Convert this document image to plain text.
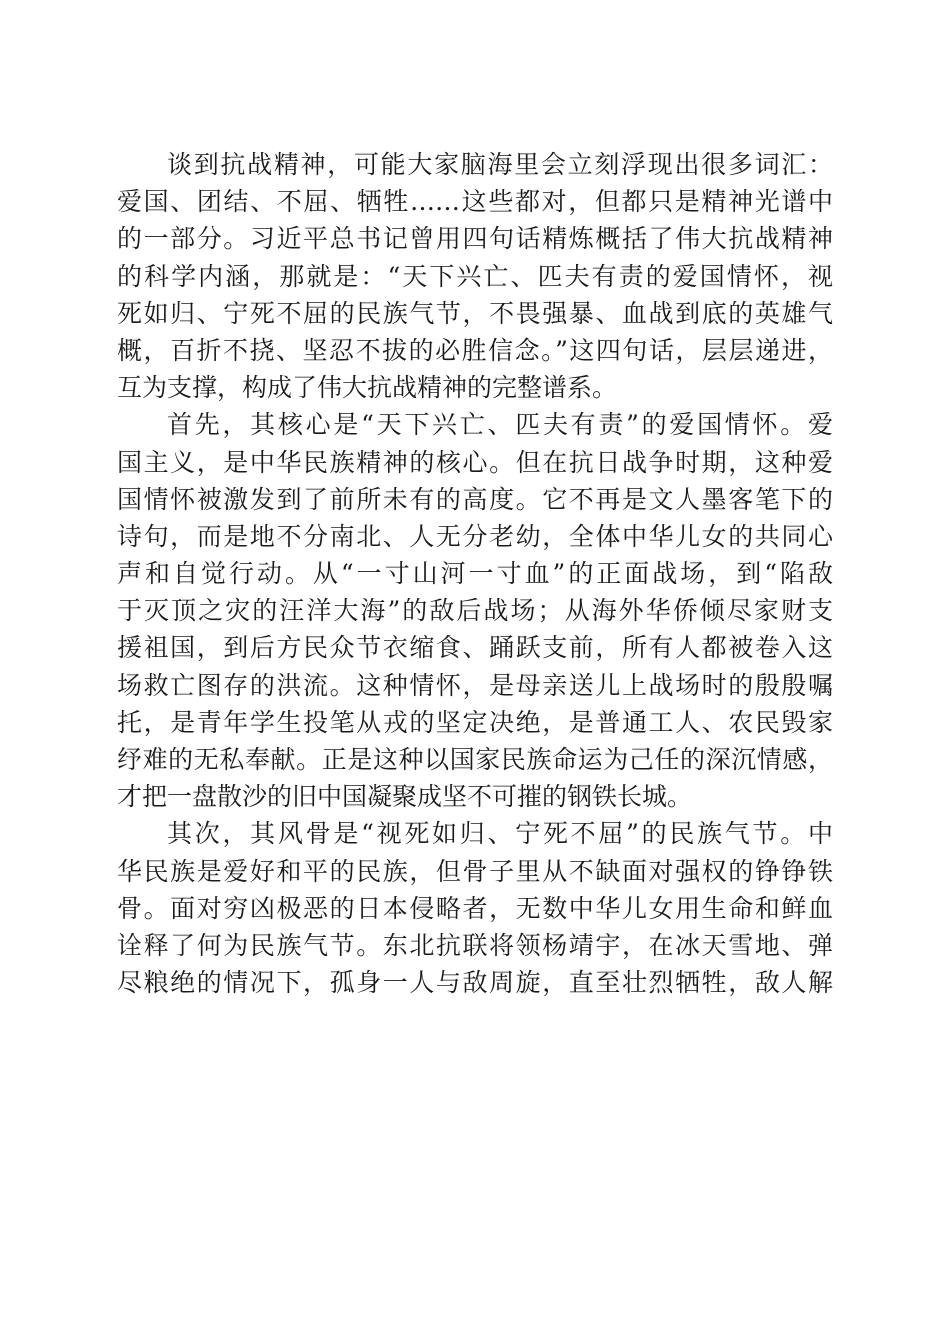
谈到抗战精神，可能大家脑海里会立刻浮现出很多词汇：
爱国、团结、不屈、牺牲……这些都对，但都只是精神光谱中
的一部分。习近平总书记曾用四句话精炼概括了伟大抗战精神
的科学内涵，那就是：“天下兴亡、匹夫有责的爱国情怀，视
死如归、宁死不屈的民族气节，不畏强暴、血战到底的英雄气
概，百折不挠、坚忍不拔的必胜信念。”这四句话，层层递进，
互为支撑，构成了伟大抗战精神的完整谱系。
首先，其核心是“天下兴亡、匹夫有责”的爱国情怀。爱
国主义，是中华民族精神的核心。但在抗日战争时期，这种爱
国情怀被激发到了前所未有的高度。它不再是文人墨客笔下的
诗句，而是地不分南北、人无分老幼，全体中华儿女的共同心
声和自觉行动。从“一寸山河一寸血”的正面战场，到“陷敌
于灭顶之灾的汪洋大海”的敌后战场；从海外华侨倾尽家财支
援祖国，到后方民众节衣缩食、踊跃支前，所有人都被卷入这
场救亡图存的洪流。这种情怀，是母亲送儿上战场时的殷殷嘱
托，是青年学生投笔从戎的坚定决绝，是普通工人、农民毁家
纾难的无私奉献。正是这种以国家民族命运为己任的深沉情感，
才把一盘散沙的旧中国凝聚成坚不可摧的钢铁长城。
其次，其风骨是“视死如归、宁死不屈”的民族气节。中
华民族是爱好和平的民族，但骨子里从不缺面对强权的铮铮铁
骨。面对穷凶极恶的日本侵略者，无数中华儿女用生命和鲜血
诠释了何为民族气节。东北抗联将领杨靖宇，在冰天雪地、弹
尽粮绝的情况下，孤身一人与敌周旋，直至壮烈牺牲，敌人解
